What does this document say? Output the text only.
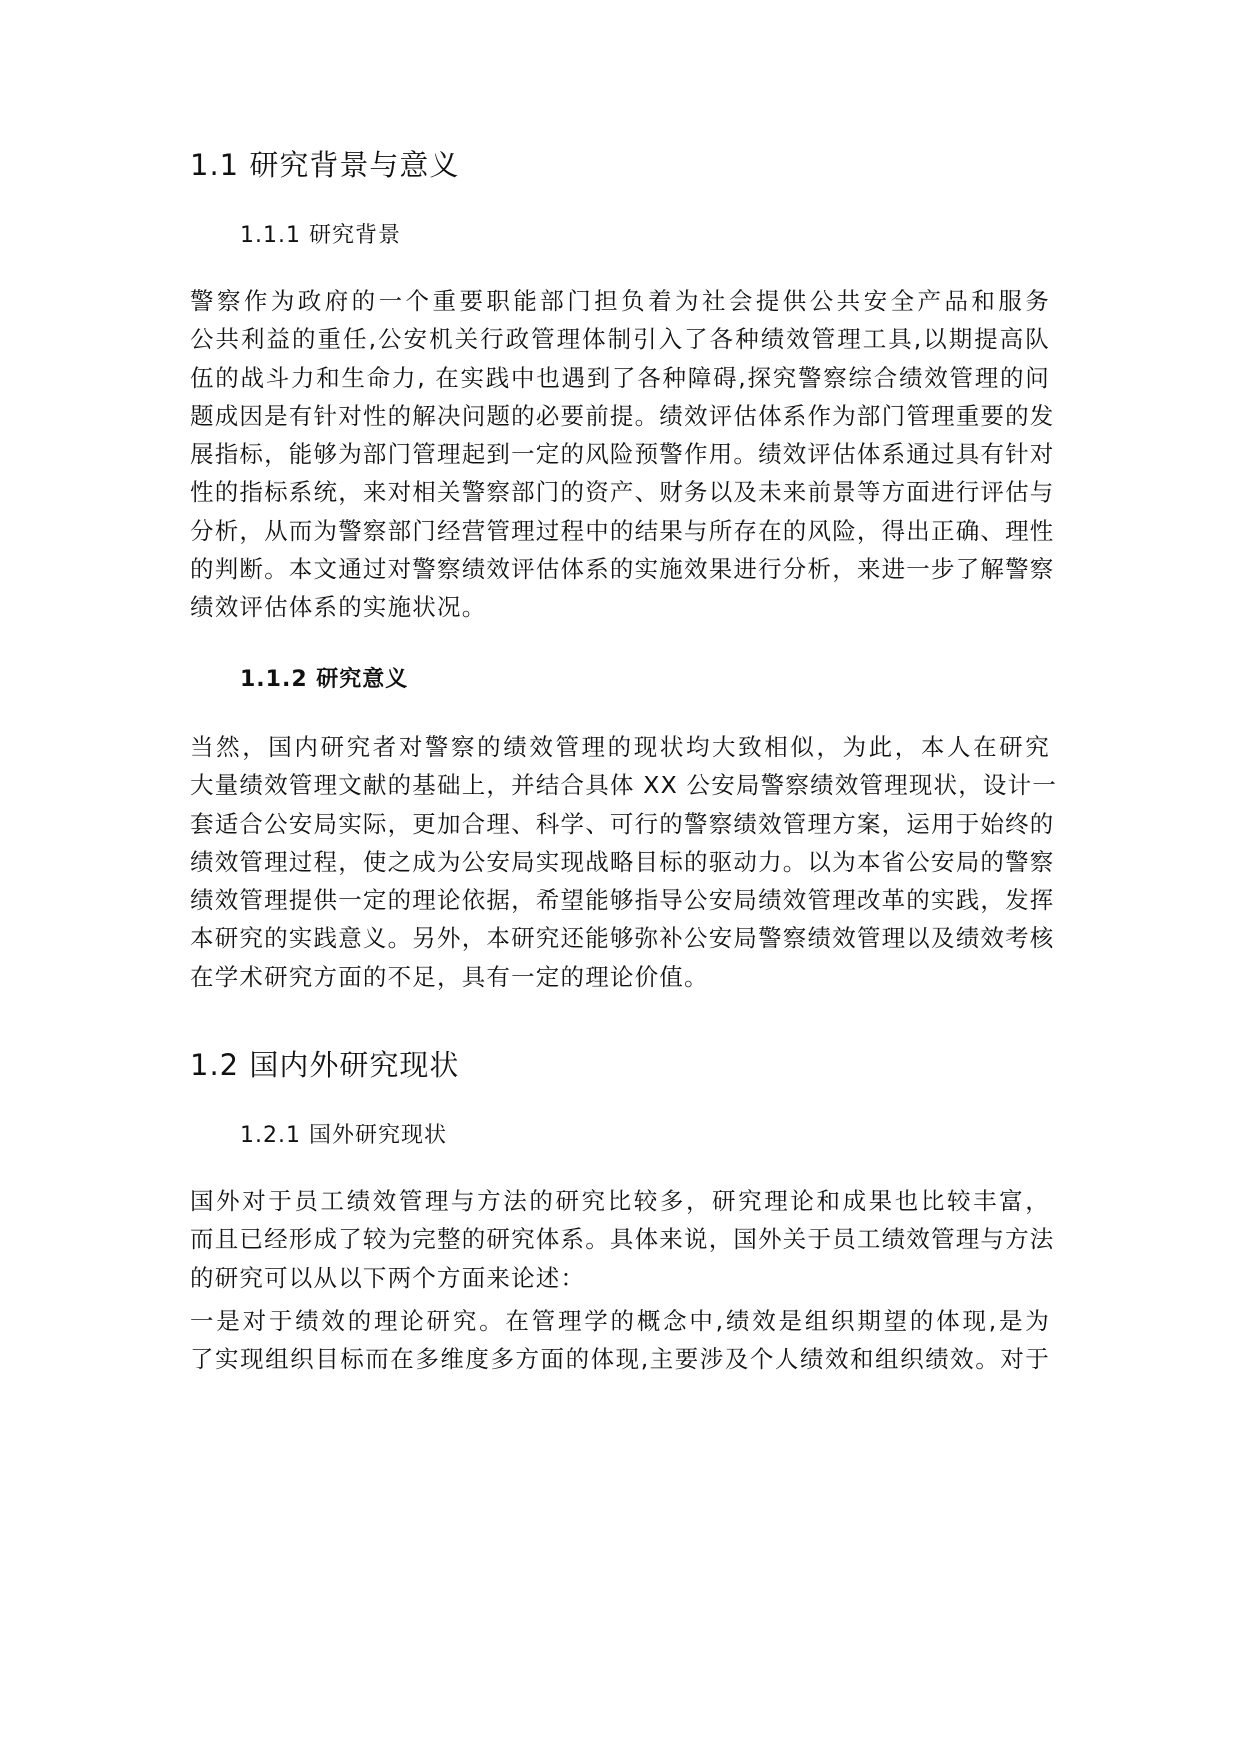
1.1 研究背景与意义
1.1.1 研究背景
警察作为政府的一个重要职能部门担负着为社会提供公共安全产品和服务
公共利益的重任,公安机关行政管理体制引入了各种绩效管理工具,以期提高队
伍的战斗力和生命力, 在实践中也遇到了各种障碍,探究警察综合绩效管理的问
题成因是有针对性的解决问题的必要前提。绩效评估体系作为部门管理重要的发
展指标，能够为部门管理起到一定的风险预警作用。绩效评估体系通过具有针对
性的指标系统，来对相关警察部门的资产、财务以及未来前景等方面进行评估与
分析，从而为警察部门经营管理过程中的结果与所存在的风险，得出正确、理性
的判断。本文通过对警察绩效评估体系的实施效果进行分析，来进一步了解警察
绩效评估体系的实施状况。
1.1.2 研究意义
当然，国内研究者对警察的绩效管理的现状均大致相似，为此，本人在研究
大量绩效管理文献的基础上，并结合具体 XX 公安局警察绩效管理现状，设计一
套适合公安局实际，更加合理、科学、可行的警察绩效管理方案，运用于始终的
绩效管理过程，使之成为公安局实现战略目标的驱动力。以为本省公安局的警察
绩效管理提供一定的理论依据，希望能够指导公安局绩效管理改革的实践，发挥
本研究的实践意义。另外，本研究还能够弥补公安局警察绩效管理以及绩效考核
在学术研究方面的不足，具有一定的理论价值。
1.2 国内外研究现状
1.2.1 国外研究现状
国外对于员工绩效管理与方法的研究比较多，研究理论和成果也比较丰富，
而且已经形成了较为完整的研究体系。具体来说，国外关于员工绩效管理与方法
的研究可以从以下两个方面来论述：
一是对于绩效的理论研究。在管理学的概念中,绩效是组织期望的体现,是为
了实现组织目标而在多维度多方面的体现,主要涉及个人绩效和组织绩效。对于
